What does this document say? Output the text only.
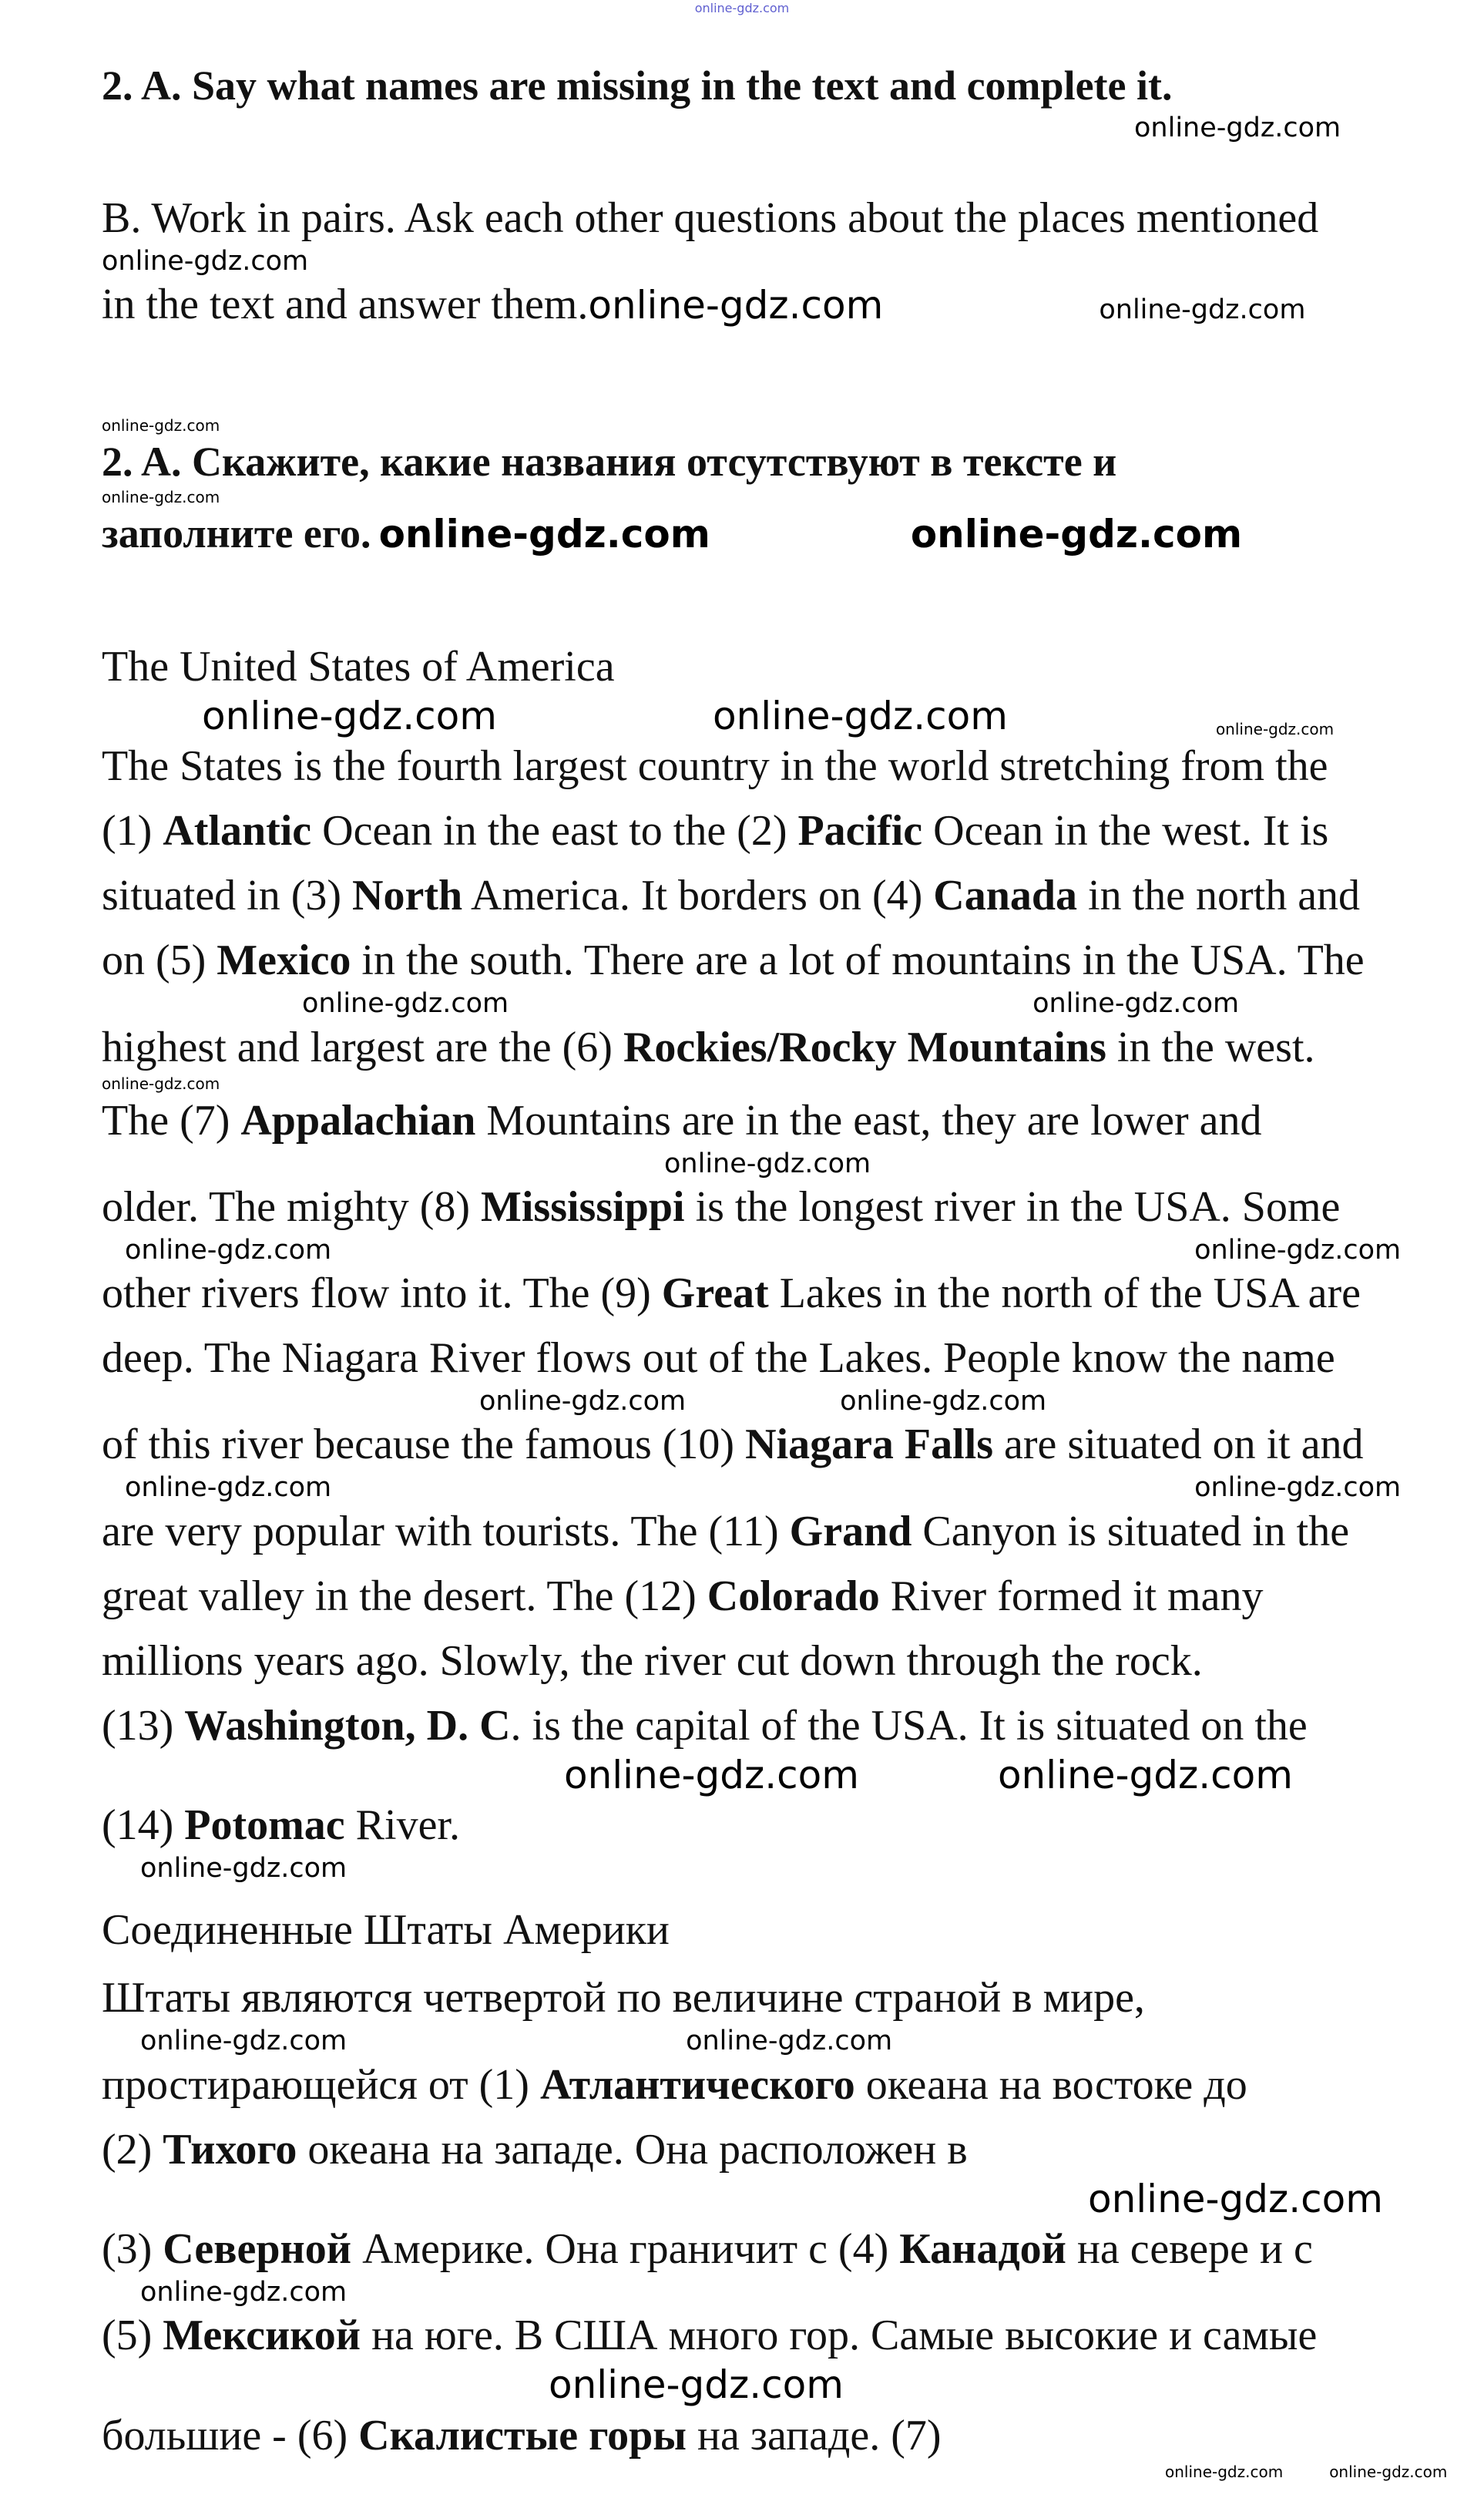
online-gdz.com
2. A. Say what names are missing in the text and complete it.
online-gdz.com
B. Work in pairs. Ask each other questions about the places mentioned
online-gdz.com
in the text and answer them.online-gdz.com	online-gdz.com
online-gdz.com
2. A. Скажите, какие названия отсутствуют в тексте и
online-gdz.com
заполните его. online-gdz.com	online-gdz.com
The United States of America
online-gdz.com	online-gdz.com	online-gdz.com
The States is the fourth largest country in the world stretching from the
(1) Atlantic Ocean in the east to the (2) Pacific Ocean in the west. It is
situated in (3) North America. It borders on (4) Canada in the north and
on (5) Mexico in the south. There are a lot of mountains in the USA. The
online-gdz.com	online-gdz.com
highest and largest are the (6) Rockies/Rocky Mountains in the west.
online-gdz.com
The (7) Appalachian Mountains are in the east, they are lower and
online-gdz.com
older. The mighty (8) Mississippi is the longest river in the USA. Some
online-gdz.com	online-gdz.com
other rivers flow into it. The (9) Great Lakes in the north of the USA are
deep. The Niagara River flows out of the Lakes. People know the name
online-gdz.com	online-gdz.com
of this river because the famous (10) Niagara Falls are situated on it and
online-gdz.com	online-gdz.com
are very popular with tourists. The (11) Grand Canyon is situated in the
great valley in the desert. The (12) Colorado River formed it many
millions years ago. Slowly, the river cut down through the rock.
(13) Washington, D. C. is the capital of the USA. It is situated on the
online-gdz.com	online-gdz.com
(14) Potomac River.
online-gdz.com
Соединенные Штаты Америки
Штаты являются четвертой по величине страной в мире,
online-gdz.com	online-gdz.com
простирающейся от (1) Атлантического океана на востоке до
(2) Тихого океана на западе. Она расположен в
online-gdz.com
(3) Северной Америке. Она граничит с (4) Канадой на севере и с
online-gdz.com
(5) Мексикой на юге. В США много гор. Самые высокие и самые
online-gdz.com
большие - (6) Скалистые горы на западе. (7)
online-gdz.com	online-gdz.com
